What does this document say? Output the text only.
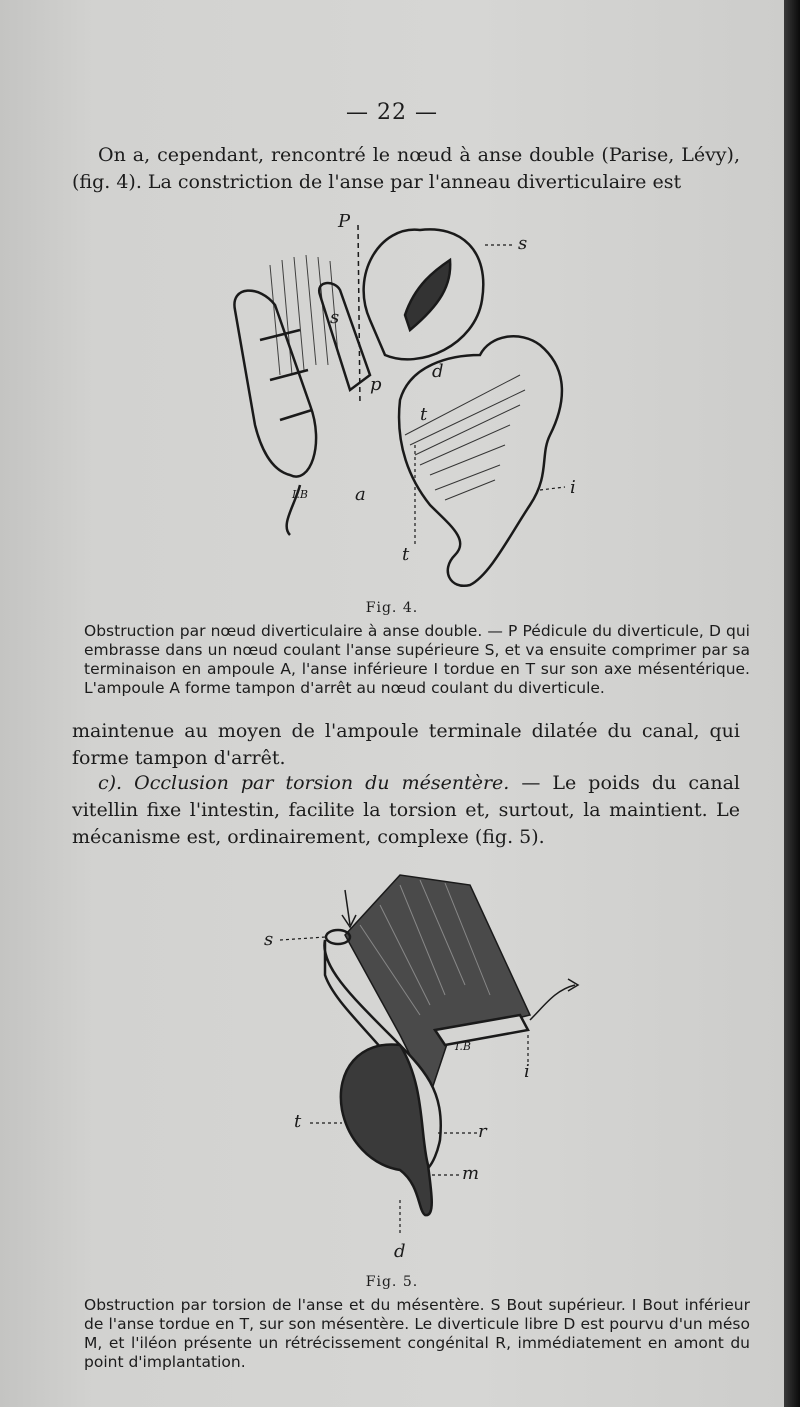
— 22 —

On a, cependant, rencontré le nœud à anse double (Parise, Lévy), (fig. 4). La constriction de l'anse par l'anneau diverticulaire est

P
s
s
p
d
t
i
a
I.B
t
Fig. 4.
Obstruction par nœud diverticulaire à anse double. — P Pédicule du diverticule, D qui embrasse dans un nœud coulant l'anse supérieure S, et va ensuite comprimer par sa terminaison en ampoule A, l'anse inférieure I tordue en T sur son axe mésentérique. L'ampoule A forme tampon d'arrêt au nœud coulant du diverticule.

maintenue au moyen de l'ampoule terminale dilatée du canal, qui forme tampon d'arrêt.

c). Occlusion par torsion du mésentère. — Le poids du canal vitellin fixe l'intestin, facilite la torsion et, surtout, la maintient. Le mécanisme est, ordinairement, complexe (fig. 5).

s
i
I.B
t	r
m
d
Fig. 5.
Obstruction par torsion de l'anse et du mésentère. S Bout supérieur. I Bout inférieur de l'anse tordue en T, sur son mésentère. Le diverticule libre D est pourvu d'un méso M, et l'iléon présente un rétrécissement congénital R, immédiatement en amont du point d'implantation.
